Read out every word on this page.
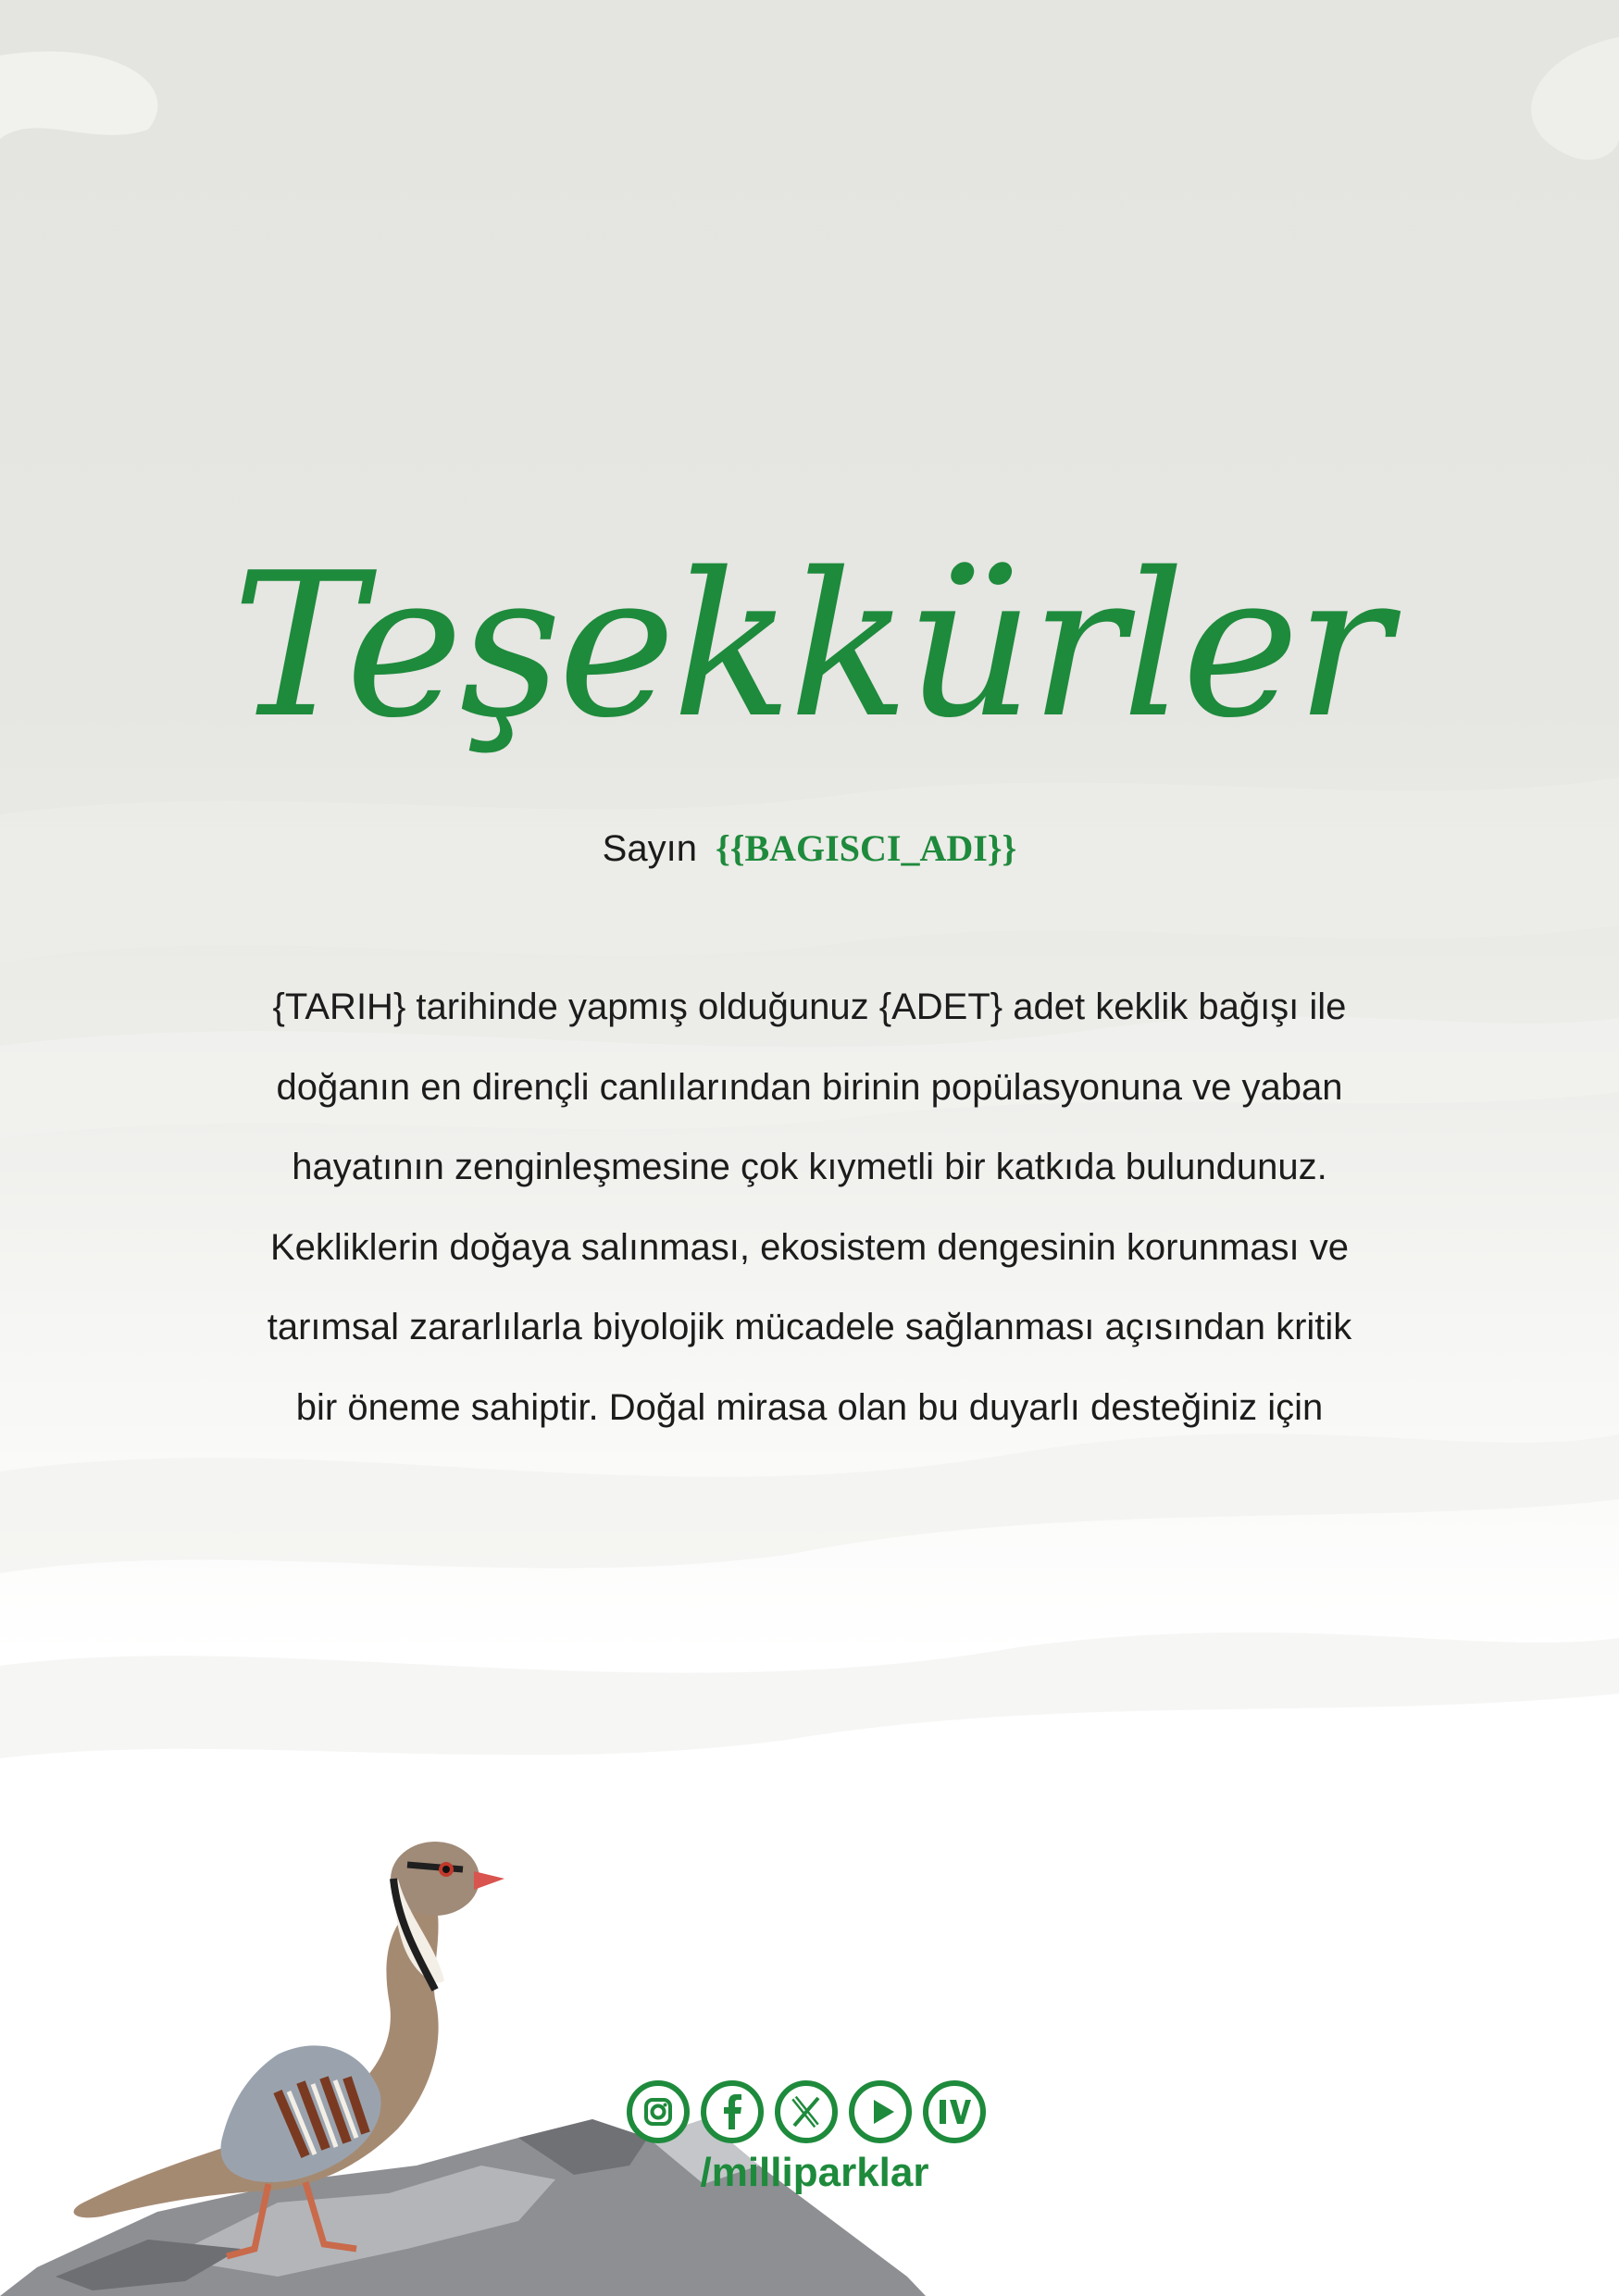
Teşekkürler
Sayın {{BAGISCI_ADI}}
{TARIH} tarihinde yapmış olduğunuz {ADET} adet keklik bağışı ile
doğanın en dirençli canlılarından birinin popülasyonuna ve yaban
hayatının zenginleşmesine çok kıymetli bir katkıda bulundunuz.
Kekliklerin doğaya salınması, ekosistem dengesinin korunması ve
tarımsal zararlılarla biyolojik mücadele sağlanması açısından kritik
bir öneme sahiptir. Doğal mirasa olan bu duyarlı desteğiniz için
/milliparklar
